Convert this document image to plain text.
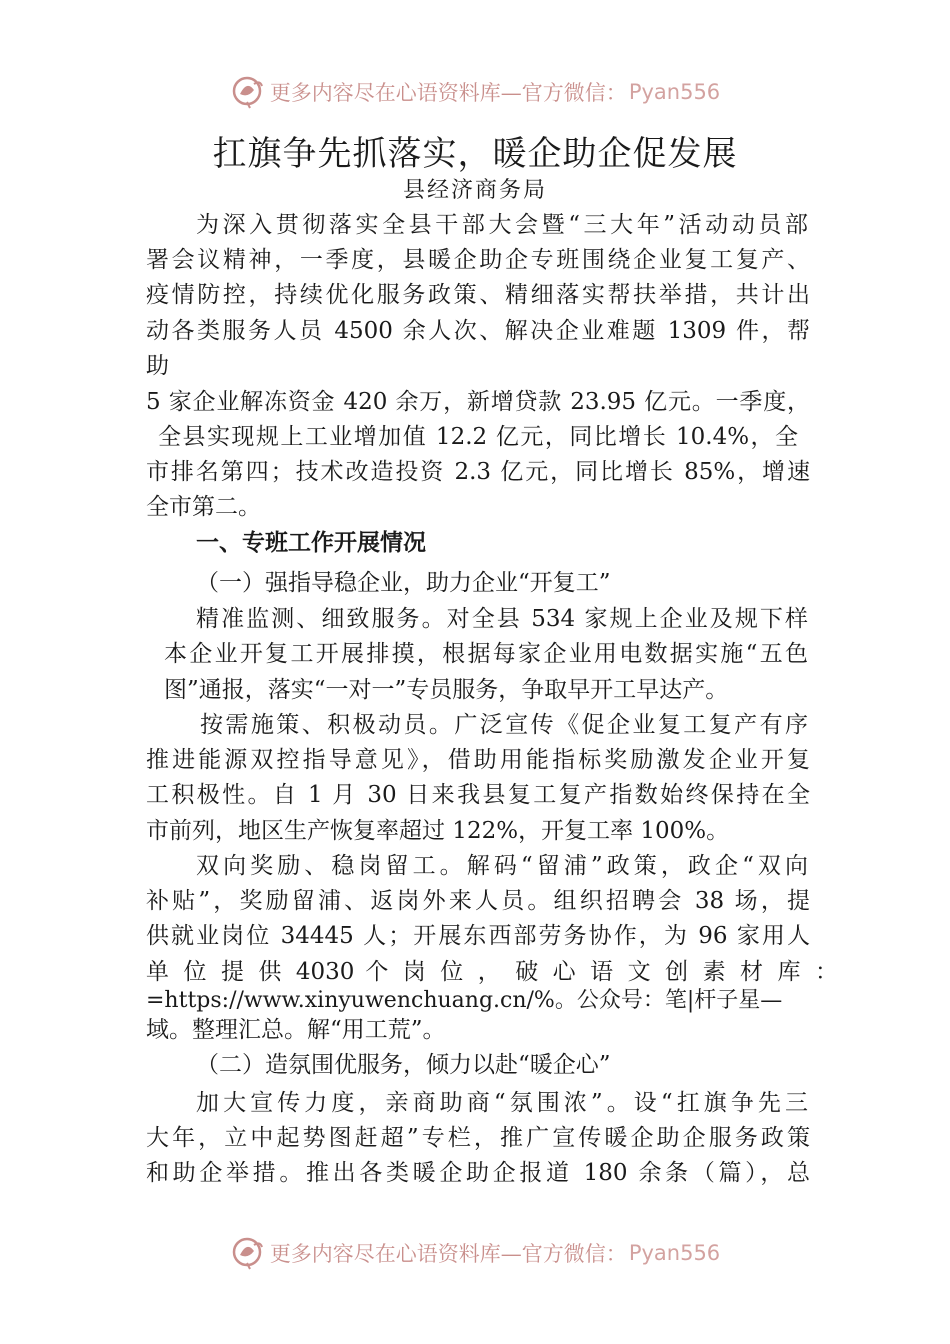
更多内容尽在心语资料库—官方微信： Pyan556
扛旗争先抓落实，暖企助企促发展
县经济商务局
为深入贯彻落实全县干部大会暨“三大年”活动动员部
署会议精神，一季度，县暖企助企专班围绕企业复工复产、
疫情防控，持续优化服务政策、精细落实帮扶举措，共计出
动各类服务人员 4500 余人次、解决企业难题 1309 件，帮
助
5 家企业解冻资金 420 余万，新增贷款 23.95 亿元。一季度，
全县实现规上工业增加值 12.2 亿元，同比增长 10.4%，全
市排名第四；技术改造投资 2.3 亿元，同比增长 85%，增速
全市第二。
一、专班工作开展情况
（一）强指导稳企业，助力企业“开复工”
精准监测、细致服务。对全县 534 家规上企业及规下样
本企业开复工开展排摸，根据每家企业用电数据实施“五色
图”通报，落实“一对一”专员服务，争取早开工早达产。
按需施策、积极动员。广泛宣传《促企业复工复产有序
推进能源双控指导意见》，借助用能指标奖励激发企业开复
工积极性。自 1 月 30 日来我县复工复产指数始终保持在全
市前列，地区生产恢复率超过 122%，开复工率 100%。
双向奖励、稳岗留工。解码“留浦”政策，政企“双向
补贴”，奖励留浦、返岗外来人员。组织招聘会 38 场，提
供就业岗位 34445 人；开展东西部劳务协作，为 96 家用人
单 位 提 供 4030 个 岗 位 ， 破 心 语 文 创 素 材 库 ：
=https://www.xinyuwenchuang.cn/%。公众号：笔|杆子星—
域。整理汇总。解“用工荒”。
（二）造氛围优服务，倾力以赴“暖企心”
加大宣传力度，亲商助商“氛围浓”。设“扛旗争先三
大年，立中起势图赶超”专栏，推广宣传暖企助企服务政策
和助企举措。推出各类暖企助企报道 180 余条（篇），总
更多内容尽在心语资料库—官方微信： Pyan556
